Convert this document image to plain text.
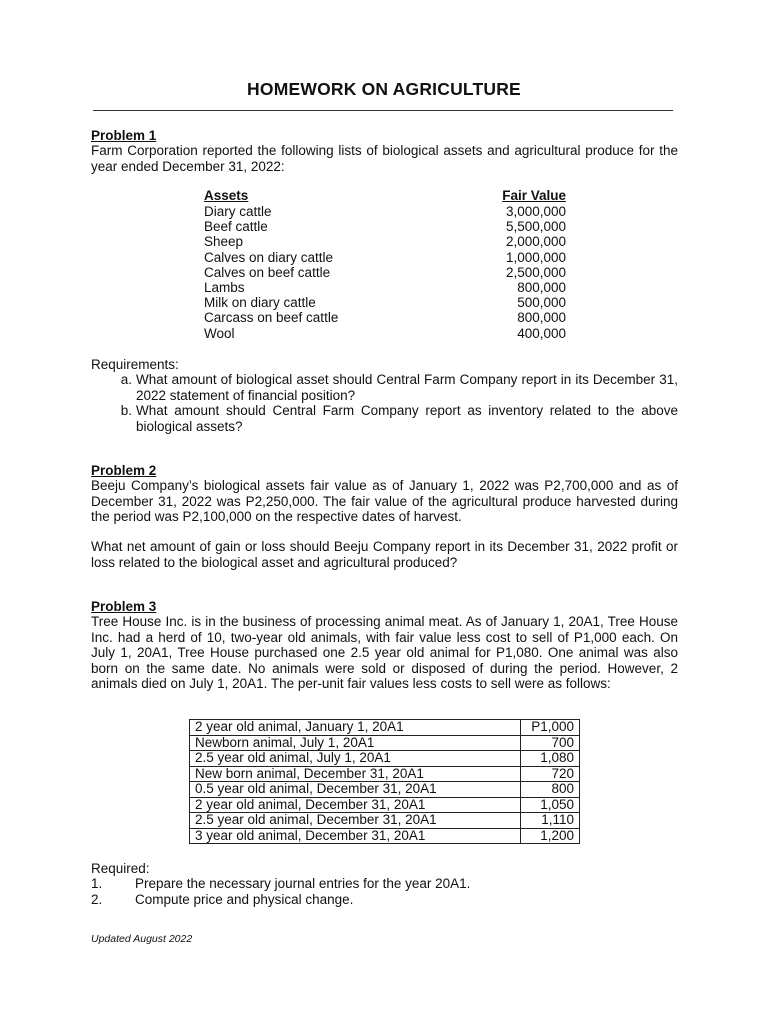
HOMEWORK ON AGRICULTURE
Problem 1
Farm Corporation reported the following lists of biological assets and agricultural produce for the year ended December 31, 2022:
Assets	Fair Value
Diary cattle	3,000,000
Beef cattle	5,500,000
Sheep	2,000,000
Calves on diary cattle	1,000,000
Calves on beef cattle	2,500,000
Lambs	800,000
Milk on diary cattle	500,000
Carcass on beef cattle	800,000
Wool	400,000
Requirements:
a. What amount of biological asset should Central Farm Company report in its December 31, 2022 statement of financial position?
b. What amount should Central Farm Company report as inventory related to the above biological assets?
Problem 2
Beeju Company’s biological assets fair value as of January 1, 2022 was P2,700,000 and as of December 31, 2022 was P2,250,000. The fair value of the agricultural produce harvested during the period was P2,100,000 on the respective dates of harvest.
What net amount of gain or loss should Beeju Company report in its December 31, 2022 profit or loss related to the biological asset and agricultural produced?
Problem 3
Tree House Inc. is in the business of processing animal meat. As of January 1, 20A1, Tree House Inc. had a herd of 10, two-year old animals, with fair value less cost to sell of P1,000 each. On July 1, 20A1, Tree House purchased one 2.5 year old animal for P1,080. One animal was also born on the same date. No animals were sold or disposed of during the period. However, 2 animals died on July 1, 20A1. The per-unit fair values less costs to sell were as follows:
2 year old animal, January 1, 20A1	P1,000
Newborn animal, July 1, 20A1	700
2.5 year old animal, July 1, 20A1	1,080
New born animal, December 31, 20A1	720
0.5 year old animal, December 31, 20A1	800
2 year old animal, December 31, 20A1	1,050
2.5 year old animal, December 31, 20A1	1,110
3 year old animal, December 31, 20A1	1,200
Required:
1.	Prepare the necessary journal entries for the year 20A1.
2.	Compute price and physical change.
Updated August 2022
